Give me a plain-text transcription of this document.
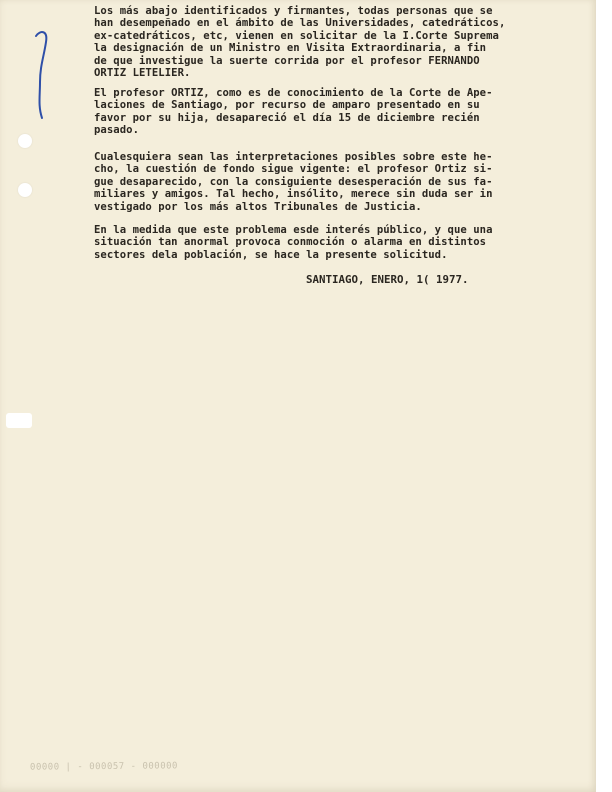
Los más abajo identificados y firmantes, todas personas que se
han desempeñado en el ámbito de las Universidades, catedráticos,
ex-catedráticos, etc, vienen en solicitar de la I.Corte Suprema
la designación de un Ministro en Visita Extraordinaria, a fin
de que investigue la suerte corrida por el profesor FERNANDO
ORTIZ LETELIER.
El profesor ORTIZ, como es de conocimiento de la Corte de Ape-
laciones de Santiago, por recurso de amparo presentado en su
favor por su hija, desapareció el día 15 de diciembre recién
pasado.
Cualesquiera sean las interpretaciones posibles sobre este he-
cho, la cuestión de fondo sigue vigente: el profesor Ortiz si-
gue desaparecido, con la consiguiente desesperación de sus fa-
miliares y amigos. Tal hecho, insólito, merece sin duda ser in
vestigado por los más altos Tribunales de Justicia.
En la medida que este problema esde interés público, y que una
situación tan anormal provoca conmoción o alarma en distintos
sectores dela población, se hace la presente solicitud.
SANTIAGO, ENERO, 1( 1977.
00000 | - 000057 - 000000
